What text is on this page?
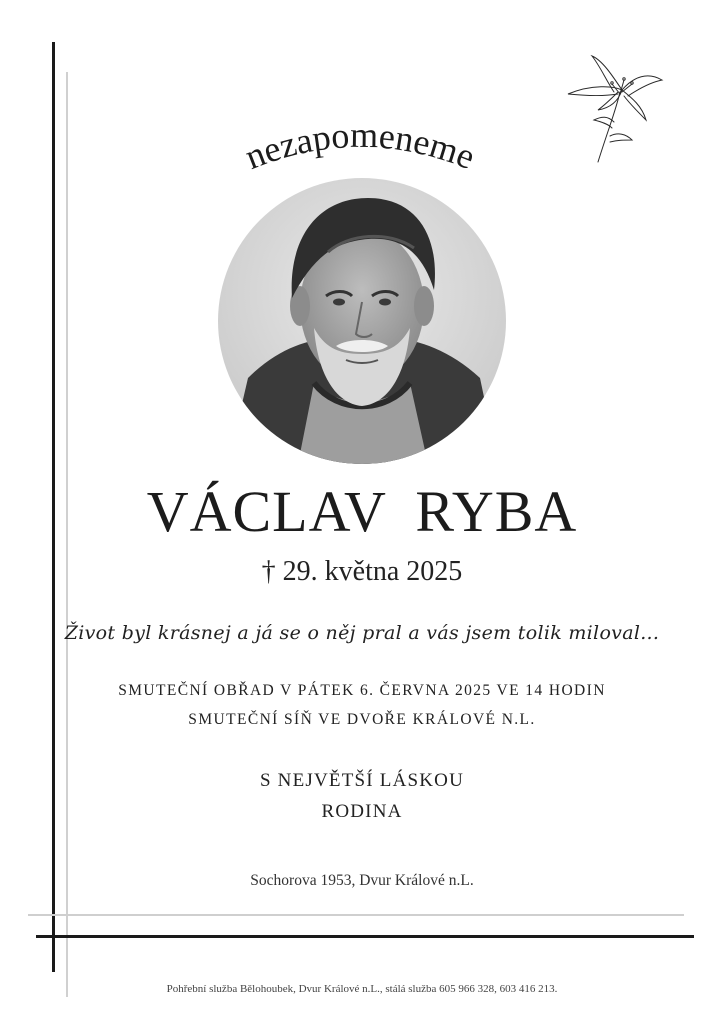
nezapomeneme
VÁCLAV RYBA
† 29. května 2025
Život byl krásnej a já se o něj pral a vás jsem tolik miloval...
SMUTEČNÍ OBŘAD V PÁTEK 6. ČERVNA 2025 VE 14 HODIN
SMUTEČNÍ SÍŇ VE DVOŘE KRÁLOVÉ N.L.
S NEJVĚTŠÍ LÁSKOU
RODINA
Sochorova 1953, Dvur Králové n.L.
Pohřební služba Bělohoubek, Dvur Králové n.L., stálá služba 605 966 328, 603 416 213.
